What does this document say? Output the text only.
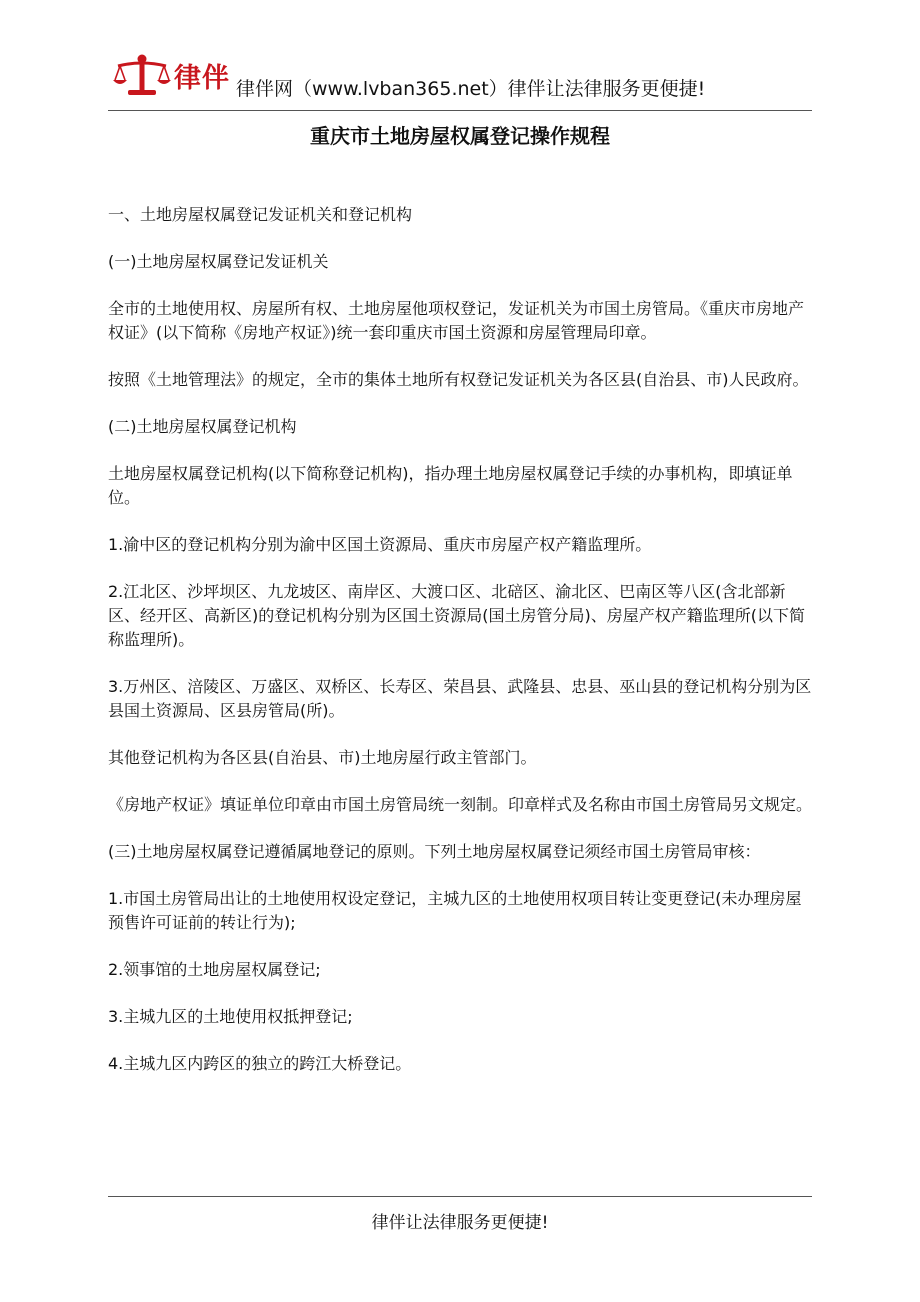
律伴 律伴网（www.lvban365.net）律伴让法律服务更便捷!
重庆市土地房屋权属登记操作规程

一、土地房屋权属登记发证机关和登记机构

(一)土地房屋权属登记发证机关

全市的土地使用权、房屋所有权、土地房屋他项权登记，发证机关为市国土房管局。《重庆市房地产权证》(以下简称《房地产权证》)统一套印重庆市国土资源和房屋管理局印章。

按照《土地管理法》的规定，全市的集体土地所有权登记发证机关为各区县(自治县、市)人民政府。

(二)土地房屋权属登记机构

土地房屋权属登记机构(以下简称登记机构)，指办理土地房屋权属登记手续的办事机构，即填证单位。

1.渝中区的登记机构分别为渝中区国土资源局、重庆市房屋产权产籍监理所。

2.江北区、沙坪坝区、九龙坡区、南岸区、大渡口区、北碚区、渝北区、巴南区等八区(含北部新区、经开区、高新区)的登记机构分别为区国土资源局(国土房管分局)、房屋产权产籍监理所(以下简称监理所)。

3.万州区、涪陵区、万盛区、双桥区、长寿区、荣昌县、武隆县、忠县、巫山县的登记机构分别为区县国土资源局、区县房管局(所)。

其他登记机构为各区县(自治县、市)土地房屋行政主管部门。

《房地产权证》填证单位印章由市国土房管局统一刻制。印章样式及名称由市国土房管局另文规定。

(三)土地房屋权属登记遵循属地登记的原则。下列土地房屋权属登记须经市国土房管局审核：

1.市国土房管局出让的土地使用权设定登记，主城九区的土地使用权项目转让变更登记(未办理房屋预售许可证前的转让行为);

2.领事馆的土地房屋权属登记;

3.主城九区的土地使用权抵押登记;

4.主城九区内跨区的独立的跨江大桥登记。

律伴让法律服务更便捷!
